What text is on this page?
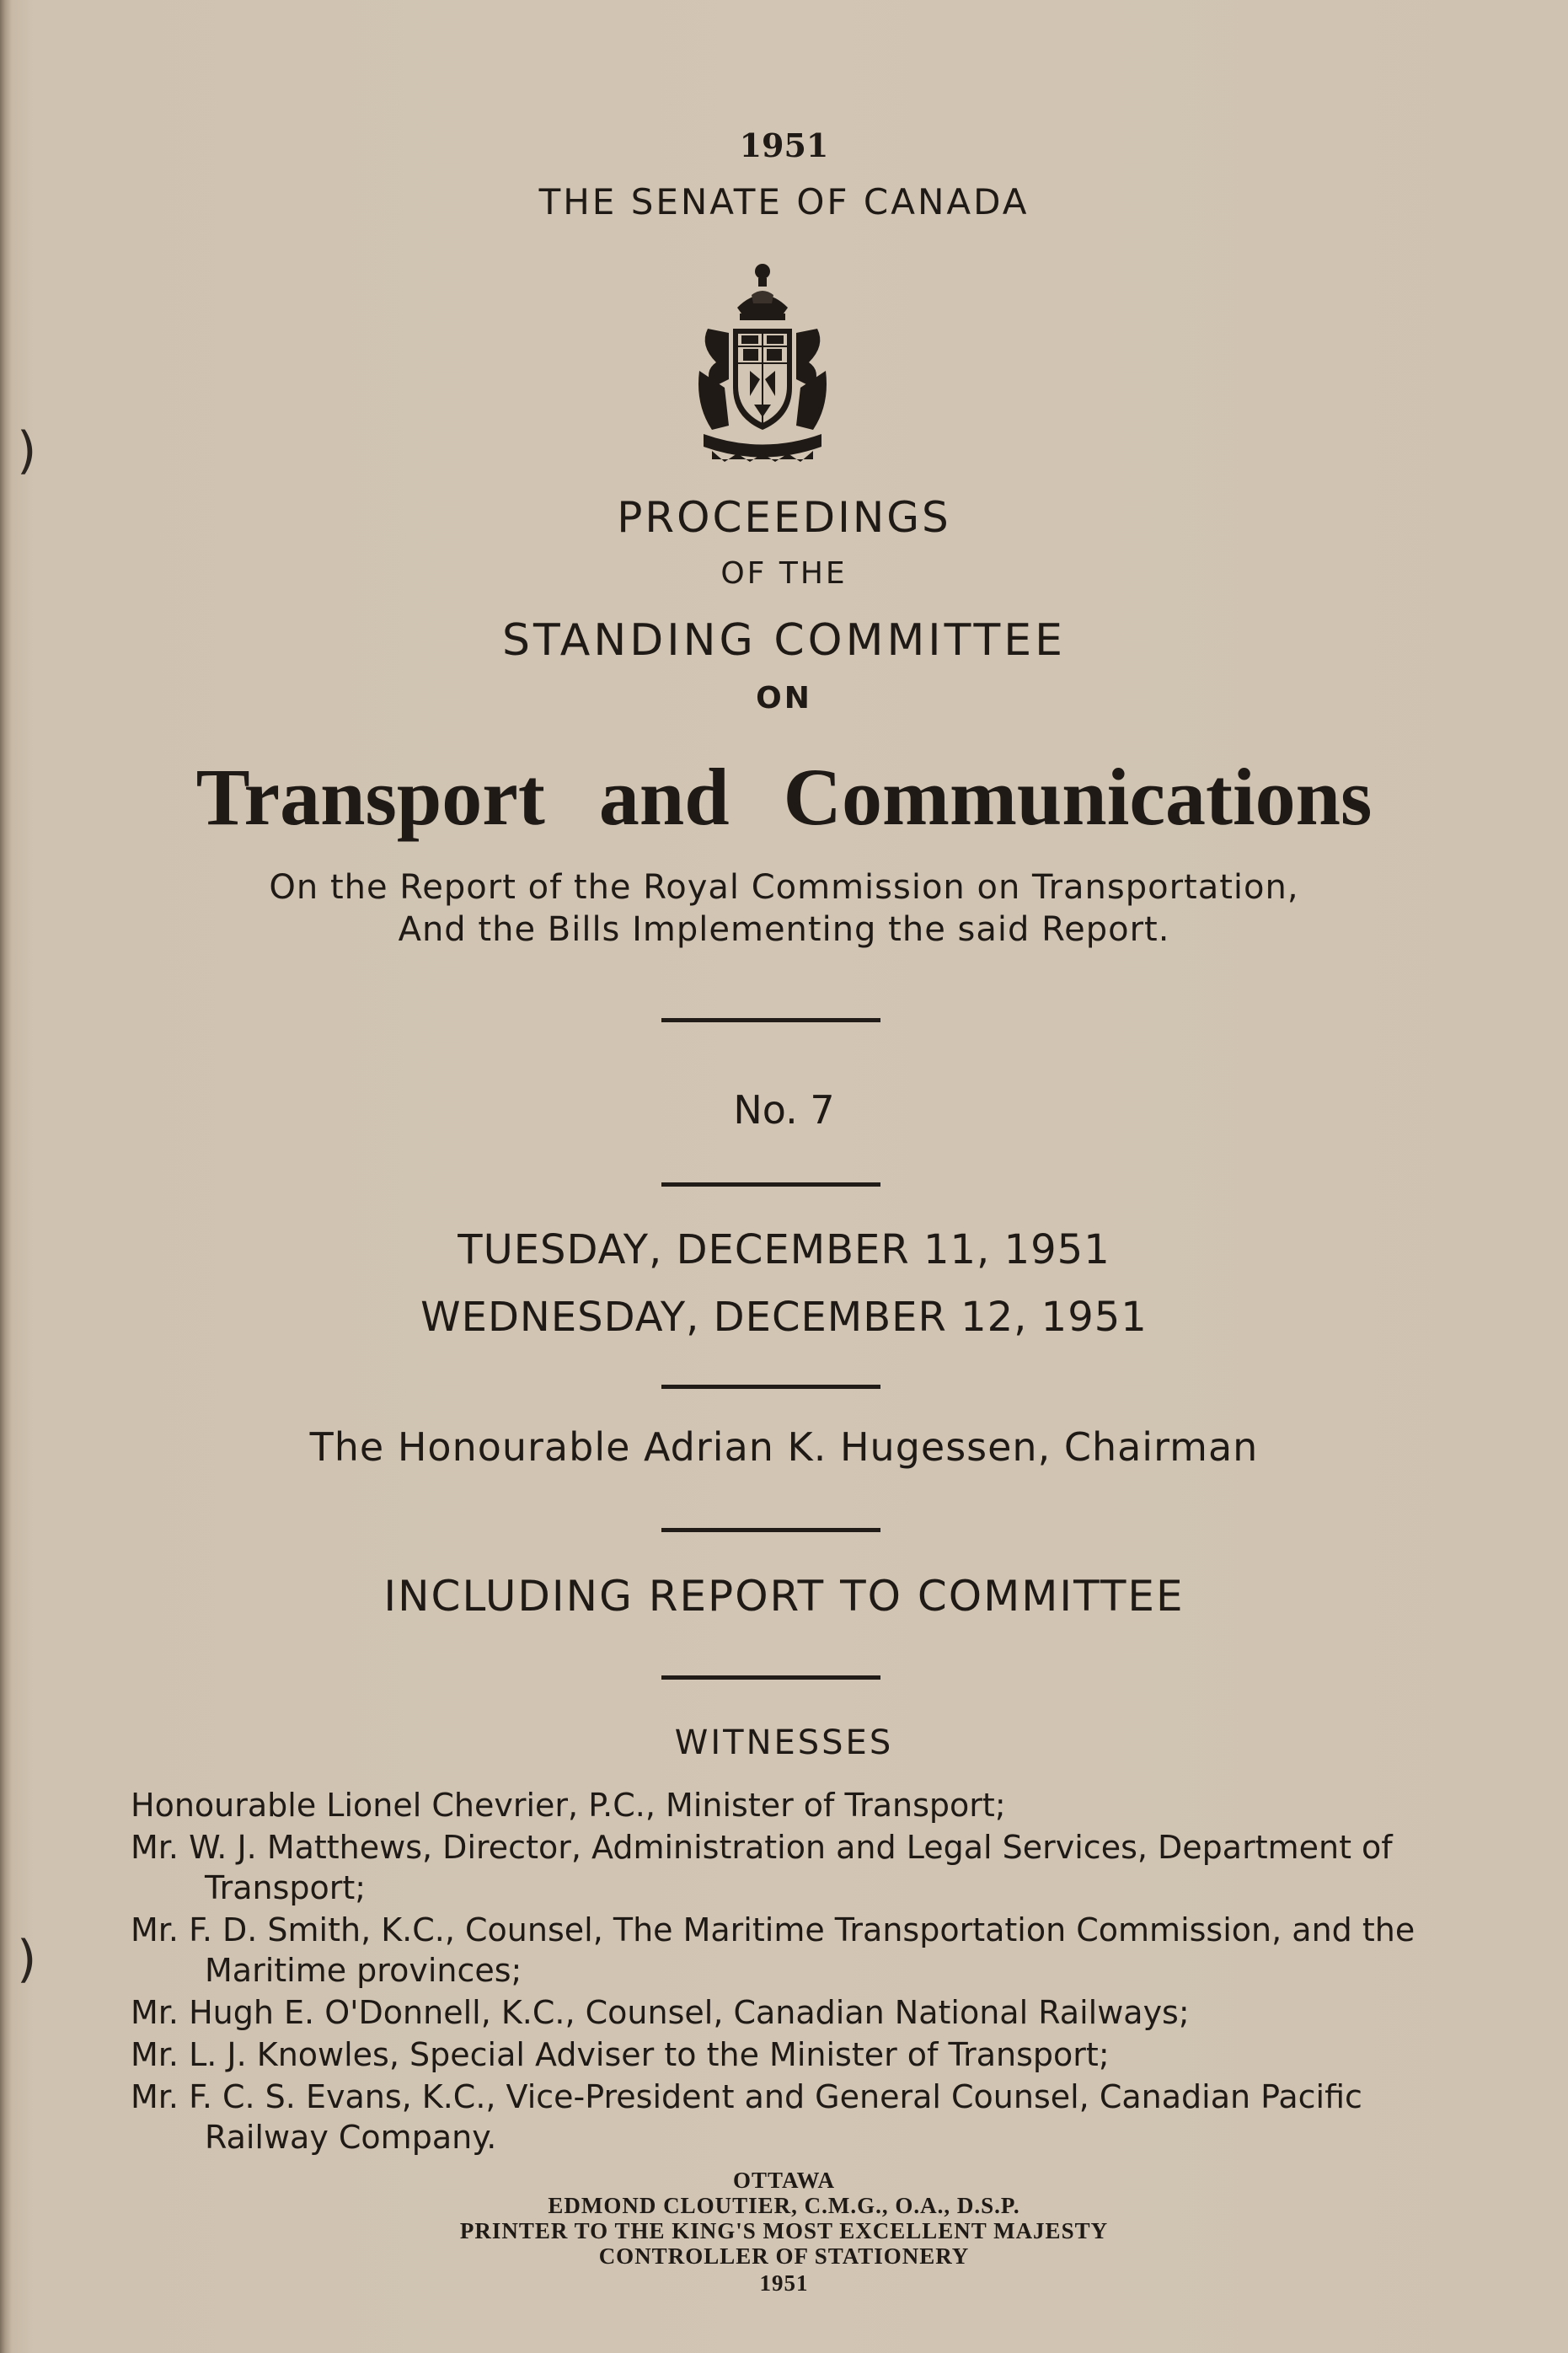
)
)
1951
THE SENATE OF CANADA
PROCEEDINGS
OF THE
STANDING COMMITTEE
ON
Transport and Communications
On the Report of the Royal Commission on Transportation,
And the Bills Implementing the said Report.
No. 7
TUESDAY, DECEMBER 11, 1951
WEDNESDAY, DECEMBER 12, 1951
The Honourable Adrian K. Hugessen, Chairman
INCLUDING REPORT TO COMMITTEE
WITNESSES
Honourable Lionel Chevrier, P.C., Minister of Transport;
Mr. W. J. Matthews, Director, Administration and Legal Services, Department of Transport;
Mr. F. D. Smith, K.C., Counsel, The Maritime Transportation Commission, and the Maritime provinces;
Mr. Hugh E. O'Donnell, K.C., Counsel, Canadian National Railways;
Mr. L. J. Knowles, Special Adviser to the Minister of Transport;
Mr. F. C. S. Evans, K.C., Vice-President and General Counsel, Canadian Pacific Railway Company.
OTTAWA
EDMOND CLOUTIER, C.M.G., O.A., D.S.P.
PRINTER TO THE KING'S MOST EXCELLENT MAJESTY
CONTROLLER OF STATIONERY
1951
